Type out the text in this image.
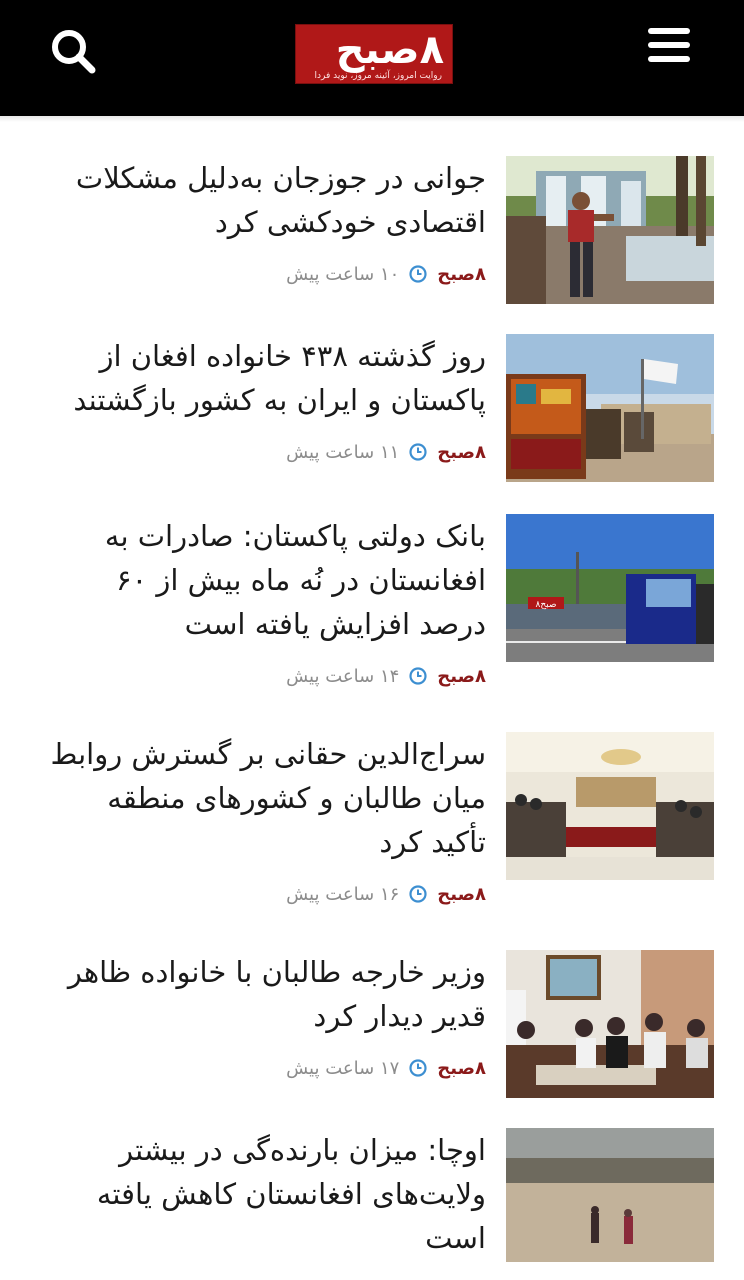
۸صبح
روایت امروز، آئینه مروز، نوید فردا
جوانی در جوزجان به‌دلیل مشکلات اقتصادی خودکشی کرد
۸صبح
۱۰ ساعت پیش
روز گذشته ۴۳۸ خانواده افغان از پاکستان و ایران به کشور بازگشتند
۸صبح
۱۱ ساعت پیش
۸صبح
بانک دولتی پاکستان: صادرات به افغانستان در نُه ماه بیش از ۶۰ درصد افزایش یافته است
۸صبح
۱۴ ساعت پیش
سراج‌الدین حقانی بر گسترش روابط میان طالبان و کشورهای منطقه تأکید کرد
۸صبح
۱۶ ساعت پیش
وزیر خارجه طالبان با خانواده ظاهر قدیر دیدار کرد
۸صبح
۱۷ ساعت پیش
اوچا: میزان بارنده‌گی در بیشتر ولایت‌های افغانستان کاهش یافته است
